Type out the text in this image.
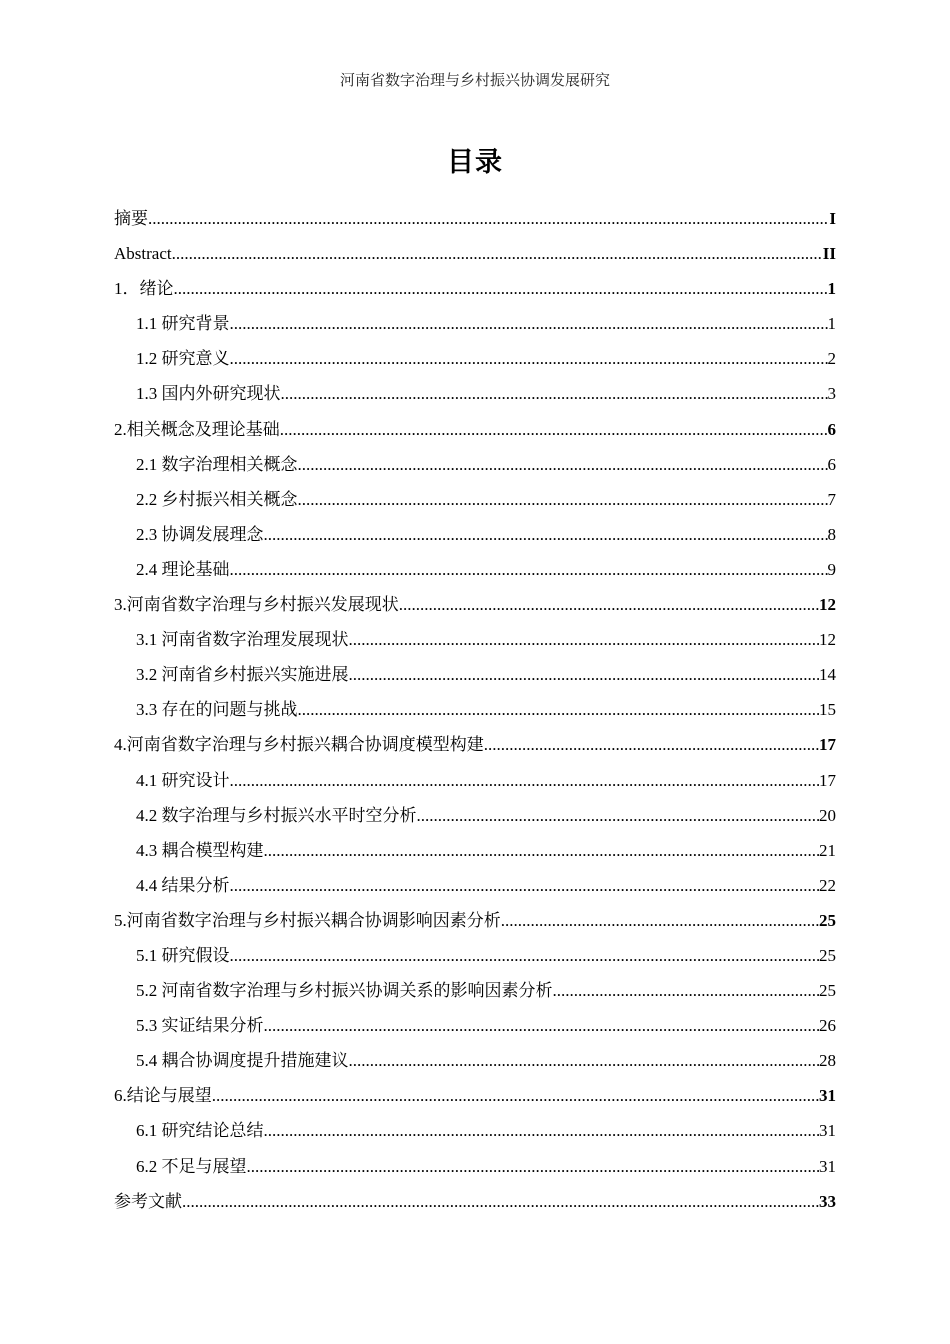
河南省数字治理与乡村振兴协调发展研究
目录
摘要 .....	I
Abstract .....	II
1．绪论 .....	1
1.1 研究背景 .....	1
1.2 研究意义 .....	2
1.3 国内外研究现状 .....	3
2.相关概念及理论基础 .....	6
2.1 数字治理相关概念 .....	6
2.2 乡村振兴相关概念 .....	7
2.3 协调发展理念 .....	8
2.4 理论基础 .....	9
3.河南省数字治理与乡村振兴发展现状 .....	12
3.1 河南省数字治理发展现状 .....	12
3.2 河南省乡村振兴实施进展 .....	14
3.3 存在的问题与挑战 .....	15
4.河南省数字治理与乡村振兴耦合协调度模型构建 .....	17
4.1 研究设计 .....	17
4.2 数字治理与乡村振兴水平时空分析 .....	20
4.3 耦合模型构建 .....	21
4.4 结果分析 .....	22
5.河南省数字治理与乡村振兴耦合协调影响因素分析 .....	25
5.1 研究假设 .....	25
5.2 河南省数字治理与乡村振兴协调关系的影响因素分析 .....	25
5.3 实证结果分析 .....	26
5.4 耦合协调度提升措施建议 .....	28
6.结论与展望 .....	31
6.1 研究结论总结 .....	31
6.2 不足与展望 .....	31
参考文献 .....	33
